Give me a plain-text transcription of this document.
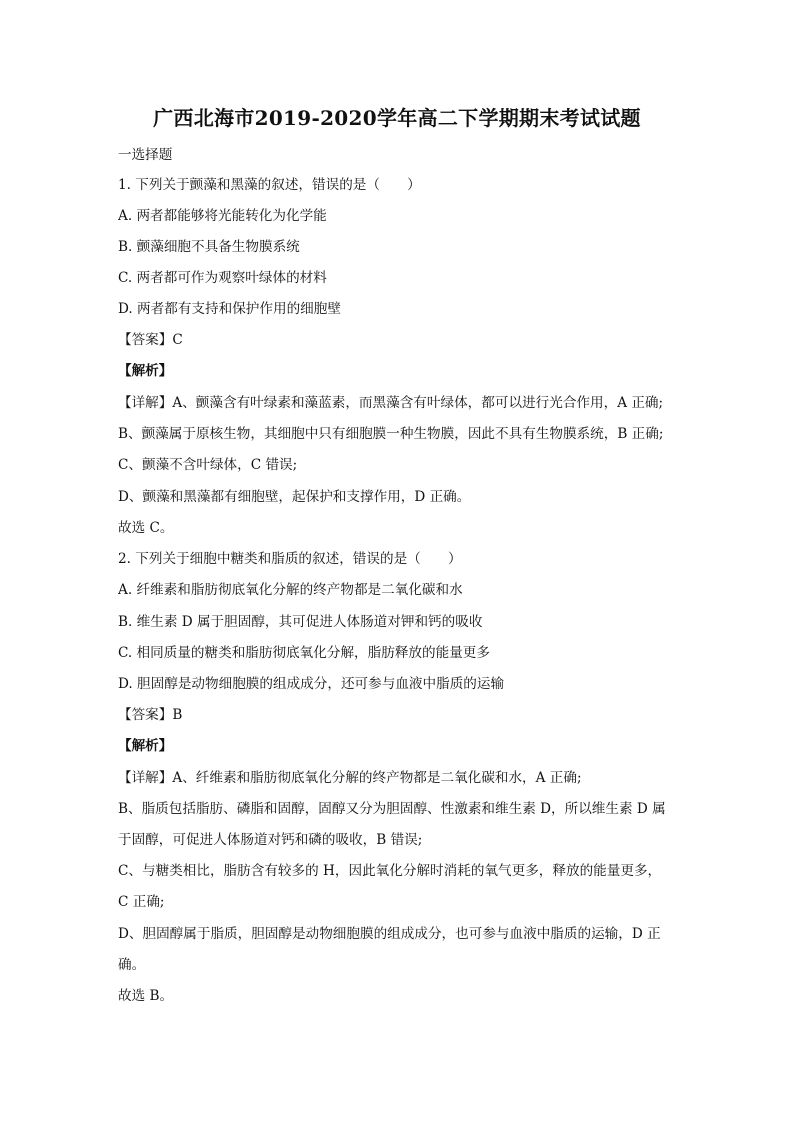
广西北海市2019-2020学年高二下学期期末考试试题
一选择题
1. 下列关于颤藻和黑藻的叙述，错误的是（　　）
A. 两者都能够将光能转化为化学能
B. 颤藻细胞不具备生物膜系统
C. 两者都可作为观察叶绿体的材料
D. 两者都有支持和保护作用的细胞壁
【答案】C
【解析】
【详解】A、颤藻含有叶绿素和藻蓝素，而黑藻含有叶绿体，都可以进行光合作用，A 正确;
B、颤藻属于原核生物，其细胞中只有细胞膜一种生物膜，因此不具有生物膜系统，B 正确;
C、颤藻不含叶绿体，C 错误;
D、颤藻和黑藻都有细胞壁，起保护和支撑作用，D 正确。
故选 C。
2. 下列关于细胞中糖类和脂质的叙述，错误的是（　　）
A. 纤维素和脂肪彻底氧化分解的终产物都是二氧化碳和水
B. 维生素 D 属于胆固醇，其可促进人体肠道对钾和钙的吸收
C. 相同质量的糖类和脂肪彻底氧化分解，脂肪释放的能量更多
D. 胆固醇是动物细胞膜的组成成分，还可参与血液中脂质的运输
【答案】B
【解析】
【详解】A、纤维素和脂肪彻底氧化分解的终产物都是二氧化碳和水，A 正确;
B、脂质包括脂肪、磷脂和固醇，固醇又分为胆固醇、性激素和维生素 D，所以维生素 D 属
于固醇，可促进人体肠道对钙和磷的吸收，B 错误;
C、与糖类相比，脂肪含有较多的 H，因此氧化分解时消耗的氧气更多，释放的能量更多，
C 正确;
D、胆固醇属于脂质，胆固醇是动物细胞膜的组成成分，也可参与血液中脂质的运输，D 正
确。
故选 B。
